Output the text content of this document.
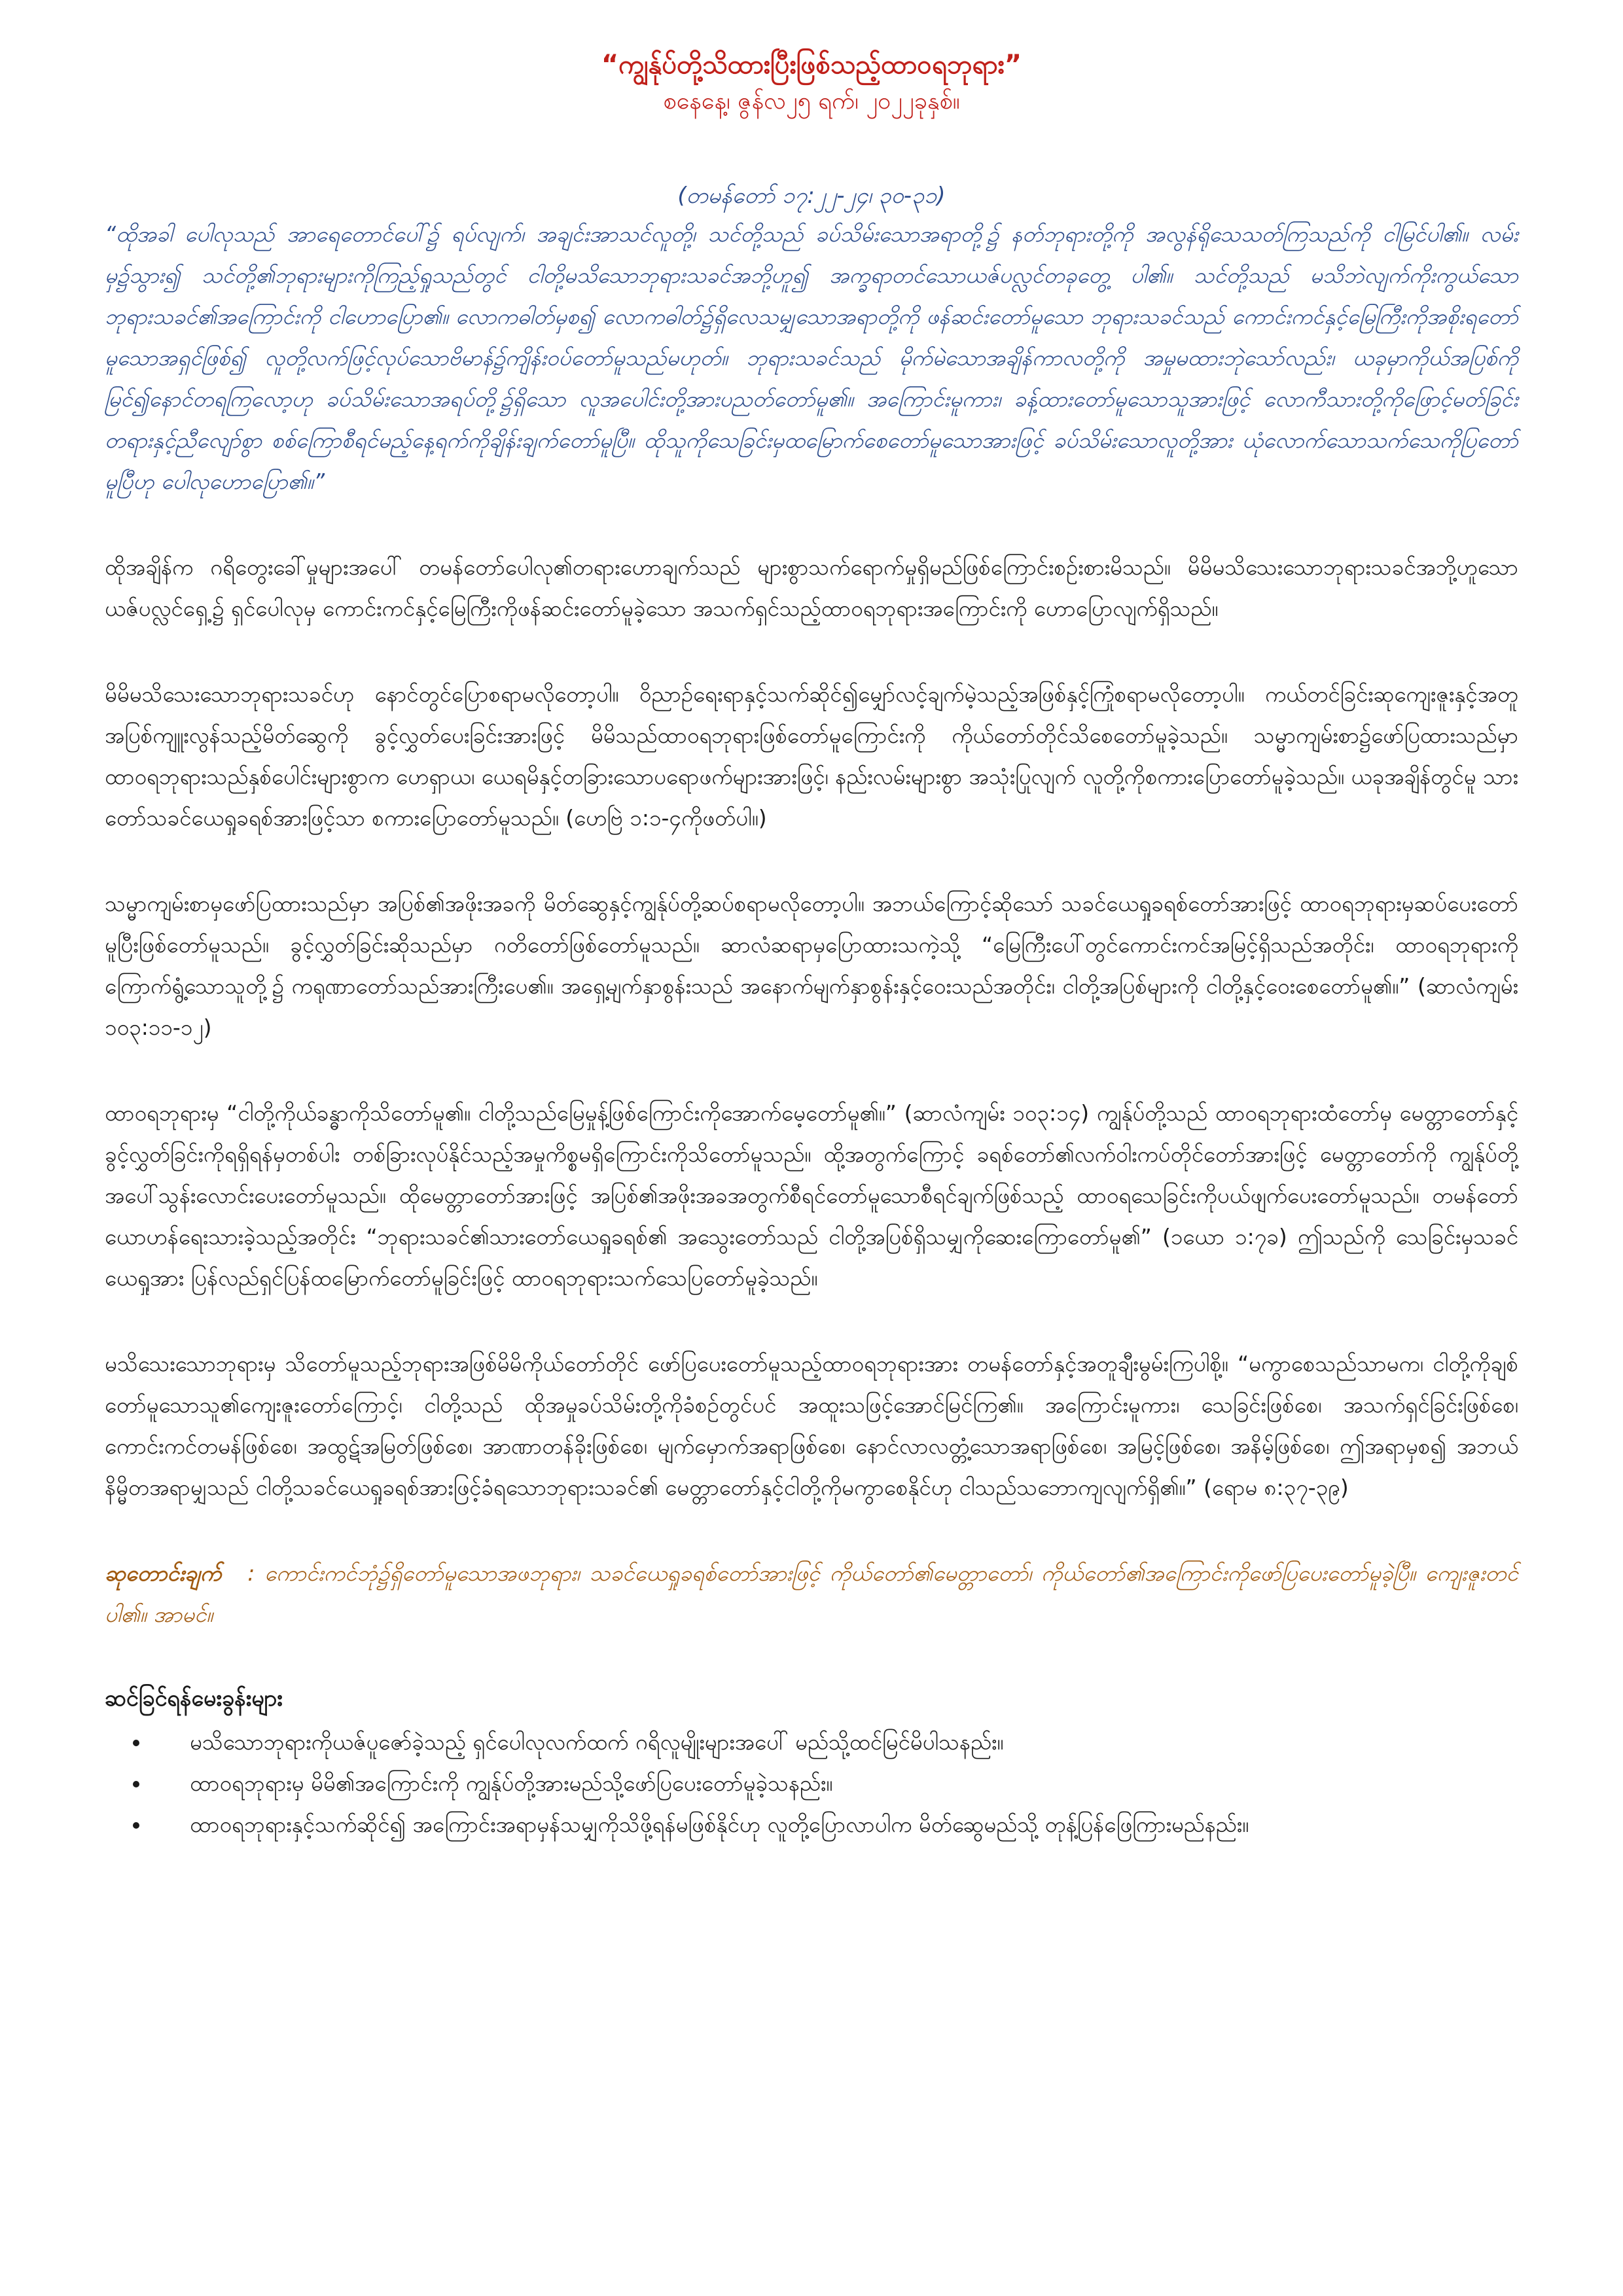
“ကျွန်ုပ်တို့သိထားပြီးဖြစ်သည့်ထာဝရဘုရား”

စနေနေ့၊ ဇွန်လ၂၅ ရက်၊ ၂၀၂၂ခုနှစ်။

(တမန်တော် ၁၇:၂၂-၂၄၊ ၃၀-၃၁)

“ထိုအခါ ပေါလုသည် အာရေတောင်ပေါ်၌ ရပ်လျက်၊ အချင်းအာသင်လူတို့၊ သင်တို့သည် ခပ်သိမ်းသောအရာတို့၌ နတ်ဘုရားတို့ကို အလွန်ရိုသေသတ်ကြသည်ကို ငါမြင်ပါ၏။ လမ်းမှ၌သွား၍ သင်တို့၏ဘုရားများကိုကြည့်ရှုသည်တွင် ငါတို့မသိသောဘုရားသခင်အဘို့ဟူ၍ အက္ခရာတင်သောယဇ်ပလ္လင်တခုတွေ့ ပါ၏။ သင်တို့သည် မသိဘဲလျက်ကိုးကွယ်သောဘုရားသခင်၏အကြောင်းကို ငါဟောပြော၏။ လောကဓါတ်မှစ၍ လောကဓါတ်၌ရှိလေသမျှသောအရာတို့ကို ဖန်ဆင်းတော်မူသော ဘုရားသခင်သည် ကောင်းကင်နှင့်မြေကြီးကိုအစိုးရတော်မူသောအရှင်ဖြစ်၍ လူတို့လက်ဖြင့်လုပ်သောဗိမာန်၌ကျိန်းဝပ်တော်မူသည်မဟုတ်။ ဘုရားသခင်သည် မိုက်မဲသောအချိန်ကာလတို့ကို အမှုမထားဘုဲသော်လည်း၊ ယခုမှာကိုယ်အပြစ်ကိုမြင်၍နောင်တရကြလော့ဟု ခပ်သိမ်းသောအရပ်တို့၌ရှိသော လူအပေါင်းတို့အားပညတ်တော်မူ၏။ အကြောင်းမူကား၊ ခန့်ထားတော်မူသောသူအားဖြင့် လောကီသားတို့ကိုဖြောင့်မတ်ခြင်းတရားနှင့်ညီလျော်စွာ စစ်ကြောစီရင်မည့်နေ့ရက်ကိုချိန်းချက်တော်မူပြီ။ ထိုသူကိုသေခြင်းမှထမြောက်စေတော်မူသောအားဖြင့် ခပ်သိမ်းသောလူတို့အား ယုံလောက်သောသက်သေကိုပြတော်မူပြီဟု ပေါလုဟောပြော၏။”

ထိုအချိန်က ဂရိတွေးခေါ်မှုများအပေါ် တမန်တော်ပေါလု၏တရားဟောချက်သည် များစွာသက်ရောက်မှုရှိမည်ဖြစ်ကြောင်းစဉ်းစားမိသည်။ မိမိမသိသေးသောဘုရားသခင်အဘို့ဟူသောယဇ်ပလ္လင်ရှေ့၌ ရှင်ပေါလုမှ ကောင်းကင်နှင့်မြေကြီးကိုဖန်ဆင်းတော်မူခဲ့သော အသက်ရှင်သည့်ထာဝရဘုရားအကြောင်းကို ဟောပြောလျက်ရှိသည်။

မိမိမသိသေးသောဘုရားသခင်ဟု နောင်တွင်ပြောစရာမလိုတော့ပါ။ ဝိညာဉ်ရေးရာနှင့်သက်ဆိုင်၍မျှော်လင့်ချက်မဲ့သည့်အဖြစ်နှင့်ကြုံစရာမလိုတော့ပါ။ ကယ်တင်ခြင်းဆုကျေးဇူးနှင့်အတူအပြစ်ကျူးလွန်သည့်မိတ်ဆွေကို ခွင့်လွှတ်ပေးခြင်းအားဖြင့် မိမိသည်ထာဝရဘုရားဖြစ်တော်မူကြောင်းကို ကိုယ်တော်တိုင်သိစေတော်မူခဲ့သည်။ သမ္မာကျမ်းစာ၌ဖော်ပြထားသည်မှာ ထာဝရဘုရားသည်နှစ်ပေါင်းများစွာက ဟေရှာယ၊ ယေရမိနှင့်တခြားသောပရောဖက်များအားဖြင့်၊ နည်းလမ်းများစွာ အသုံးပြုလျက် လူတို့ကိုစကားပြောတော်မူခဲ့သည်။ ယခုအချိန်တွင်မူ သားတော်သခင်ယေရှုခရစ်အားဖြင့်သာ စကားပြောတော်မူသည်။ (ဟေဗြဲ ၁:၁-၄ကိုဖတ်ပါ။)

သမ္မာကျမ်းစာမှဖော်ပြထားသည်မှာ အပြစ်၏အဖိုးအခကို မိတ်ဆွေနှင့်ကျွန်ုပ်တို့ဆပ်စရာမလိုတော့ပါ။ အဘယ်ကြောင့်ဆိုသော် သခင်ယေရှုခရစ်တော်အားဖြင့် ထာဝရဘုရားမှဆပ်ပေးတော်မူပြီးဖြစ်တော်မူသည်။ ခွင့်လွှတ်ခြင်းဆိုသည်မှာ ဂတိတော်ဖြစ်တော်မူသည်။ ဆာလံဆရာမှပြောထားသကဲ့သို့ “မြေကြီးပေါ်တွင်ကောင်းကင်အမြင့်ရှိသည်အတိုင်း၊ ထာဝရဘုရားကိုကြောက်ရွံ့သောသူတို့၌ ကရုဏာတော်သည်အားကြီးပေ၏။ အရှေ့မျက်နှာစွန်းသည် အနောက်မျက်နှာစွန်းနှင့်ဝေးသည်အတိုင်း၊ ငါတို့အပြစ်များကို ငါတို့နှင့်ဝေးစေတော်မူ၏။” (ဆာလံကျမ်း ၁၀၃:၁၁-၁၂)

ထာဝရဘုရားမှ “ငါတို့ကိုယ်ခန္ဓာကိုသိတော်မူ၏။ ငါတို့သည်မြေမှုန့်ဖြစ်ကြောင်းကိုအောက်မေ့တော်မူ၏။” (ဆာလံကျမ်း ၁၀၃:၁၄) ကျွန်ုပ်တို့သည် ထာဝရဘုရားထံတော်မှ မေတ္တာတော်နှင့်ခွင့်လွှတ်ခြင်းကိုရရှိရန်မှတစ်ပါး တစ်ခြားလုပ်နိုင်သည့်အမှုကိစ္စမရှိကြောင်းကိုသိတော်မူသည်။ ထို့အတွက်ကြောင့် ခရစ်တော်၏လက်ဝါးကပ်တိုင်တော်အားဖြင့် မေတ္တာတော်ကို ကျွန်ုပ်တို့အပေါ်သွန်းလောင်းပေးတော်မူသည်။ ထိုမေတ္တာတော်အားဖြင့် အပြစ်၏အဖိုးအခအတွက်စီရင်တော်မူသောစီရင်ချက်ဖြစ်သည့် ထာဝရသေခြင်းကိုပယ်ဖျက်ပေးတော်မူသည်။ တမန်တော်ယောဟန်ရေးသားခဲ့သည့်အတိုင်း “ဘုရားသခင်၏သားတော်ယေရှုခရစ်၏ အသွေးတော်သည် ငါတို့အပြစ်ရှိသမျှကိုဆေးကြောတော်မူ၏” (၁ယော ၁:၇ခ) ဤသည်ကို သေခြင်းမှသခင်ယေရှုအား ပြန်လည်ရှင်ပြန်ထမြောက်တော်မူခြင်းဖြင့် ထာဝရဘုရားသက်သေပြတော်မူခဲ့သည်။

မသိသေးသောဘုရားမှ သိတော်မူသည့်ဘုရားအဖြစ်မိမိကိုယ်တော်တိုင် ဖော်ပြပေးတော်မူသည့်ထာဝရဘုရားအား တမန်တော်နှင့်အတူချီးမွမ်းကြပါစို့။ “မကွာစေသည်သာမက၊ ငါတို့ကိုချစ်တော်မူသောသူ၏ကျေးဇူးတော်ကြောင့်၊ ငါတို့သည် ထိုအမှုခပ်သိမ်းတို့ကိုခံစဉ်တွင်ပင် အထူးသဖြင့်အောင်မြင်ကြ၏။ အကြောင်းမူကား၊ သေခြင်းဖြစ်စေ၊ အသက်ရှင်ခြင်းဖြစ်စေ၊ ကောင်းကင်တမန်ဖြစ်စေ၊ အထွဋ်အမြတ်ဖြစ်စေ၊ အာဏာတန်ခိုးဖြစ်စေ၊ မျက်မှောက်အရာဖြစ်စေ၊ နောင်လာလတ္တံ့သောအရာဖြစ်စေ၊ အမြင့်ဖြစ်စေ၊ အနိမ့်ဖြစ်စေ၊ ဤအရာမှစ၍ အဘယ်နိမ္မိတအရာမျှသည် ငါတို့သခင်ယေရှုခရစ်အားဖြင့်ခံရသောဘုရားသခင်၏ မေတ္တာတော်နှင့်ငါတို့ကိုမကွာစေနိုင်ဟု ငါသည်သဘောကျလျက်ရှိ၏။” (ရောမ ၈:၃၇-၃၉)

ဆုတောင်းချက် : ကောင်းကင်ဘုံ၌ရှိတော်မူသောအဖဘုရား၊ သခင်ယေရှုခရစ်တော်အားဖြင့် ကိုယ်တော်၏မေတ္တာတော်၊ ကိုယ်တော်၏အကြောင်းကိုဖော်ပြပေးတော်မူခဲ့ပြီ။ ကျေးဇူးတင်ပါ၏။ အာမင်။

ဆင်ခြင်ရန်မေးခွန်းများ
• မသိသောဘုရားကိုယဇ်ပူဇော်ခဲ့သည့် ရှင်ပေါလုလက်ထက် ဂရိလူမျိုးများအပေါ် မည်သို့ထင်မြင်မိပါသနည်း။
• ထာဝရဘုရားမှ မိမိ၏အကြောင်းကို ကျွန်ုပ်တို့အားမည်သို့ဖော်ပြပေးတော်မူခဲ့သနည်း။
• ထာဝရဘုရားနှင့်သက်ဆိုင်၍ အကြောင်းအရာမှန်သမျှကိုသိဖို့ရန်မဖြစ်နိုင်ဟု လူတို့ပြောလာပါက မိတ်ဆွေမည်သို့ တုန့်ပြန်ဖြေကြားမည်နည်း။
